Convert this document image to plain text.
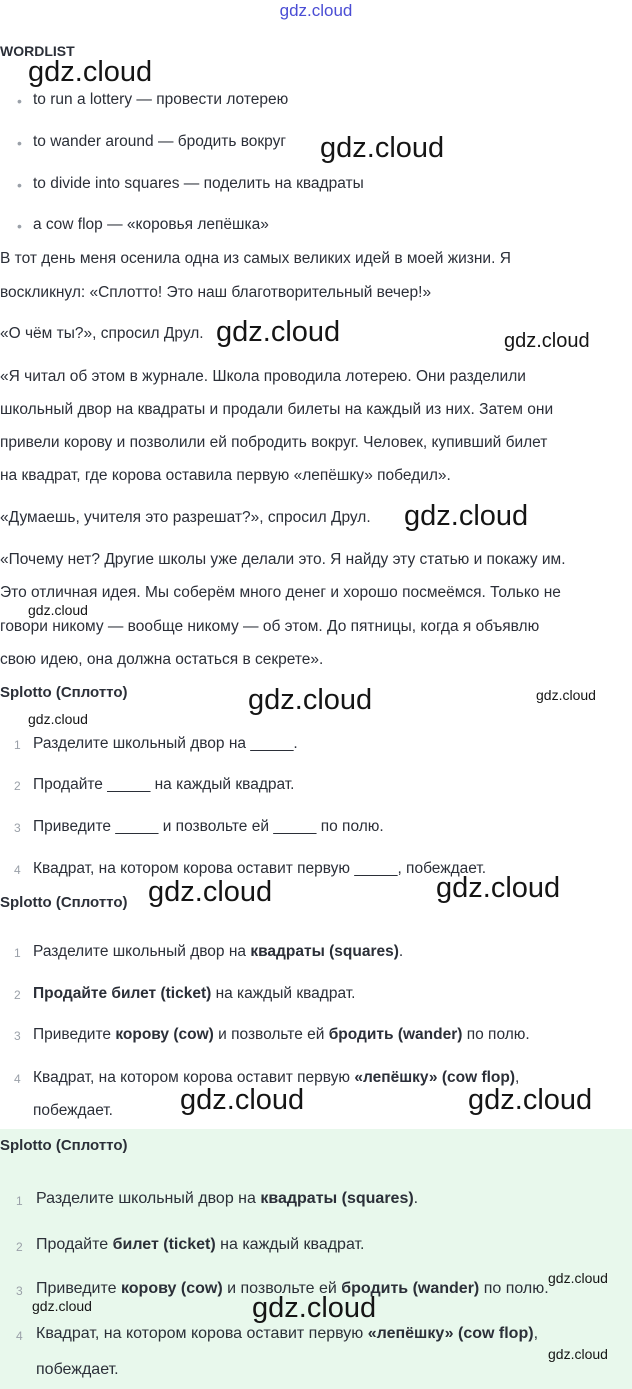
gdz.cloud
WORDLIST
• to run a lottery — провести лотерею
• to wander around — бродить вокруг
• to divide into squares — поделить на квадраты
• a cow flop — «коровья лепёшка»
В тот день меня осенила одна из самых великих идей в моей жизни. Я
воскликнул: «Сплотто! Это наш благотворительный вечер!»
«О чём ты?», спросил Друл.
«Я читал об этом в журнале. Школа проводила лотерею. Они разделили
школьный двор на квадраты и продали билеты на каждый из них. Затем они
привели корову и позволили ей побродить вокруг. Человек, купивший билет
на квадрат, где корова оставила первую «лепёшку» победил».
«Думаешь, учителя это разрешат?», спросил Друл.
«Почему нет? Другие школы уже делали это. Я найду эту статью и покажу им.
Это отличная идея. Мы соберём много денег и хорошо посмеёмся. Только не
говори никому — вообще никому — об этом. До пятницы, когда я объявлю
свою идею, она должна остаться в секрете».
Splotto (Сплотто)
1 Разделите школьный двор на _____.
2 Продайте _____ на каждый квадрат.
3 Приведите _____ и позвольте ей _____ по полю.
4 Квадрат, на котором корова оставит первую _____, побеждает.
Splotto (Сплотто)
1 Разделите школьный двор на квадраты (squares).
2 Продайте билет (ticket) на каждый квадрат.
3 Приведите корову (cow) и позвольте ей бродить (wander) по полю.
4 Квадрат, на котором корова оставит первую «лепёшку» (cow flop),
побеждает.
Splotto (Сплотто)
1 Разделите школьный двор на квадраты (squares).
2 Продайте билет (ticket) на каждый квадрат.
3 Приведите корову (cow) и позвольте ей бродить (wander) по полю.
4 Квадрат, на котором корова оставит первую «лепёшку» (cow flop),
побеждает.
gdz.cloud
gdz.cloud
gdz.cloud	gdz.cloud
gdz.cloud
gdz.cloud
gdz.cloud	gdz.cloud
gdz.cloud
gdz.cloud	gdz.cloud
gdz.cloud	gdz.cloud
gdz.cloud
gdz.cloud	gdz.cloud
gdz.cloud
